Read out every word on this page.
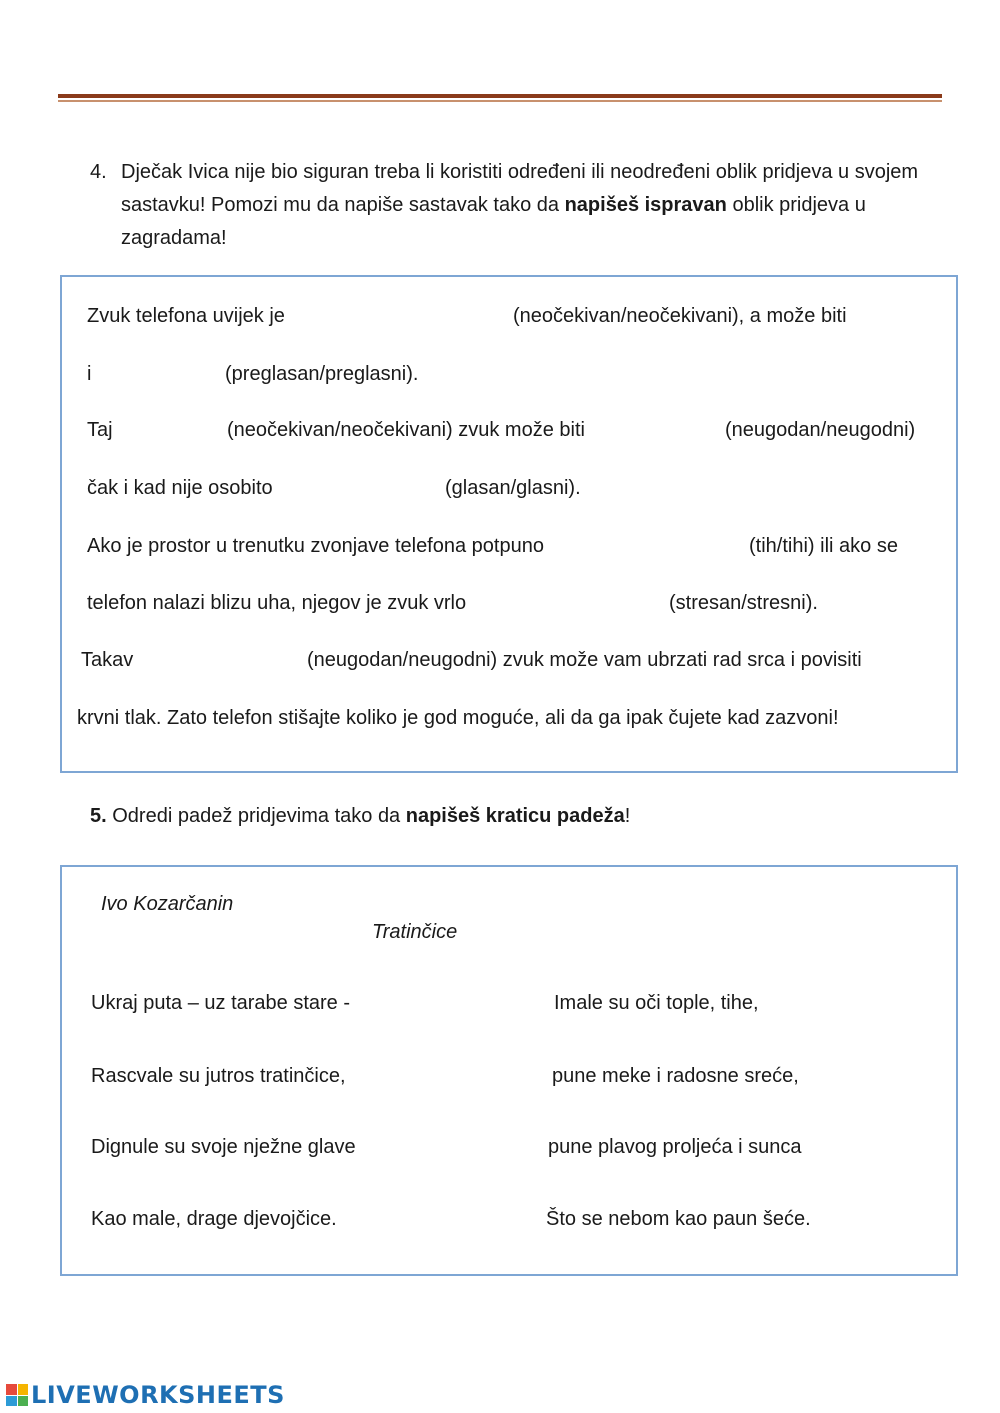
4. Dječak Ivica nije bio siguran treba li koristiti određeni ili neodređeni oblik pridjeva u svojem sastavku! Pomozi mu da napiše sastavak tako da napišeš ispravan oblik pridjeva u zagradama!
Zvuk telefona uvijek je	(neočekivan/neočekivani), a može biti
i	(preglasan/preglasni).
Taj	(neočekivan/neočekivani) zvuk može biti	(neugodan/neugodni)
čak i kad nije osobito	(glasan/glasni).
Ako je prostor u trenutku zvonjave telefona potpuno	(tih/tihi) ili ako se
telefon nalazi blizu uha, njegov je zvuk vrlo	(stresan/stresni).
Takav	(neugodan/neugodni) zvuk može vam ubrzati rad srca i povisiti
krvni tlak. Zato telefon stišajte koliko je god moguće, ali da ga ipak čujete kad zazvoni!
5. Odredi padež pridjevima tako da napišeš kraticu padeža!
Ivo Kozarčanin
Tratinčice
Ukraj puta – uz tarabe stare -
Rascvale su jutros tratinčice,
Dignule su svoje nježne glave
Kao male, drage djevojčice.
Imale su oči tople, tihe,
pune meke i radosne sreće,
pune plavog proljeća i sunca
Što se nebom kao paun šeće.
LIVEWORKSHEETS
